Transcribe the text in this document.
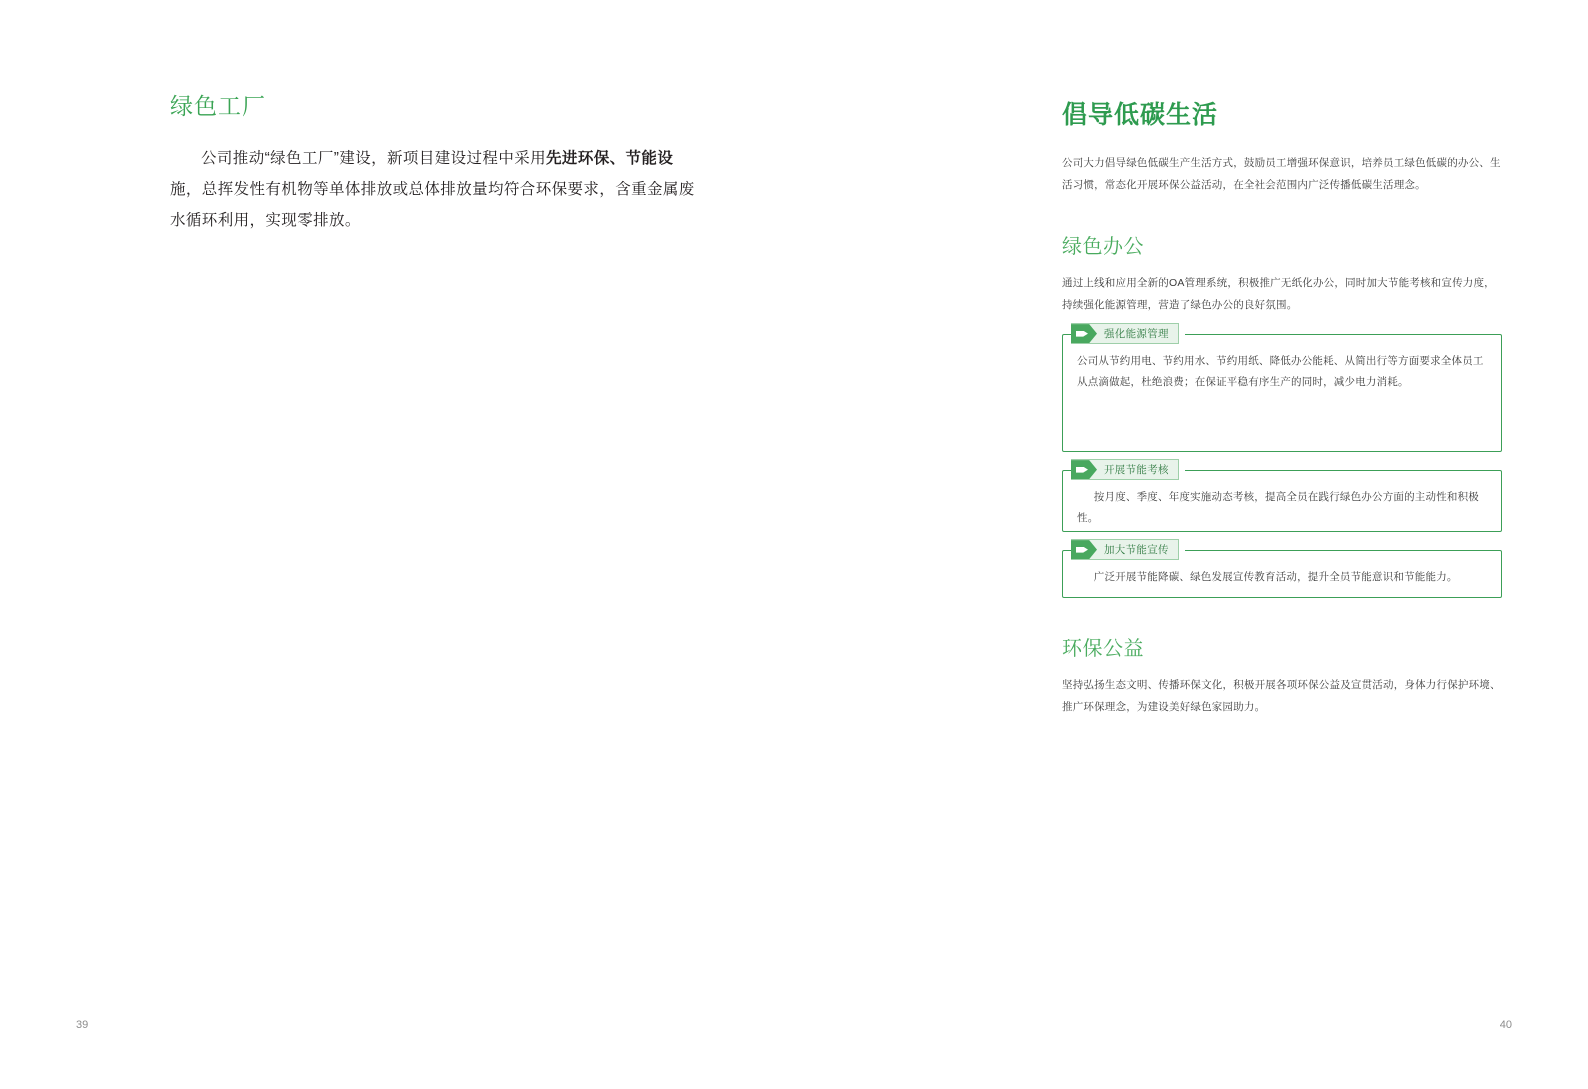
绿色工厂

公司推动“绿色工厂”建设，新项目建设过程中采用先进环保、节能设施，总挥发性有机物等单体排放或总体排放量均符合环保要求，含重金属废水循环利用，实现零排放。

39
倡导低碳生活

公司大力倡导绿色低碳生产生活方式，鼓励员工增强环保意识，培养员工绿色低碳的办公、生活习惯，常态化开展环保公益活动，在全社会范围内广泛传播低碳生活理念。

绿色办公

通过上线和应用全新的OA管理系统，积极推广无纸化办公，同时加大节能考核和宣传力度，持续强化能源管理，营造了绿色办公的良好氛围。

强化能源管理

公司从节约用电、节约用水、节约用纸、降低办公能耗、从简出行等方面要求全体员工从点滴做起，杜绝浪费；在保证平稳有序生产的同时，减少电力消耗。

开展节能考核

按月度、季度、年度实施动态考核，提高全员在践行绿色办公方面的主动性和积极性。

加大节能宣传

广泛开展节能降碳、绿色发展宣传教育活动，提升全员节能意识和节能能力。

环保公益

坚持弘扬生态文明、传播环保文化，积极开展各项环保公益及宣贯活动，身体力行保护环境、推广环保理念，为建设美好绿色家园助力。

40
